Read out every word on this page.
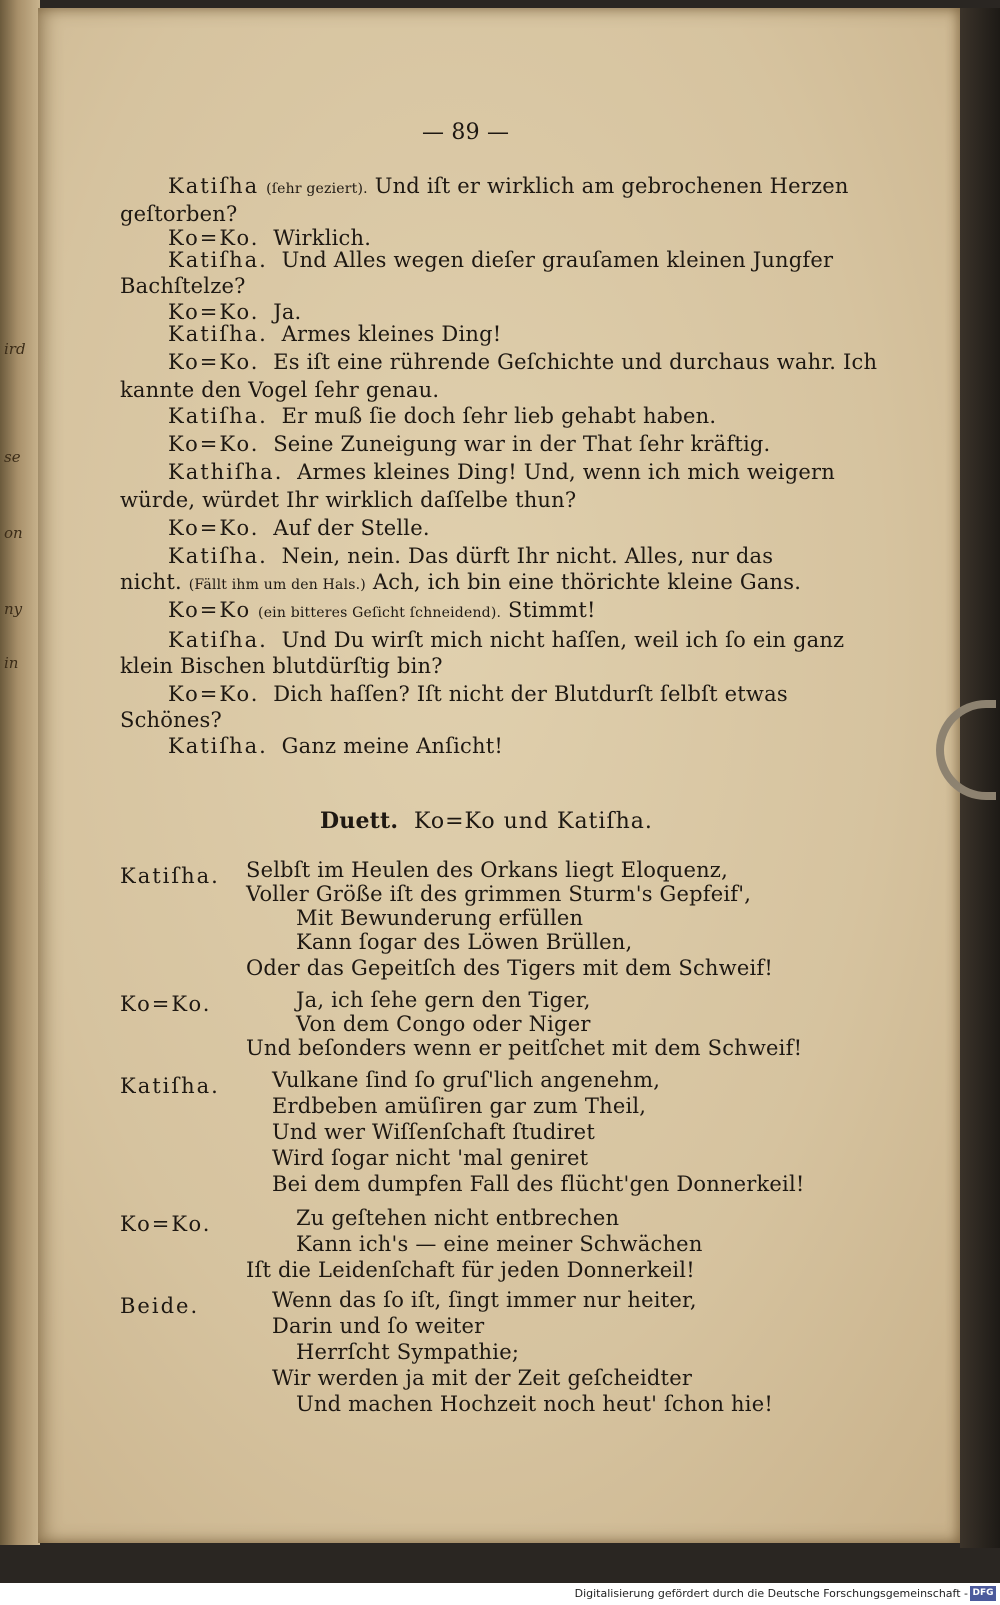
ird
se
on
ny
in
— 89 —
Katiſha (ſehr geziert). Und iſt er wirklich am gebrochenen Herzen
geſtorben?
Ko=Ko. Wirklich.
Katiſha. Und Alles wegen dieſer grauſamen kleinen Jungfer
Bachſtelze?
Ko=Ko. Ja.
Katiſha. Armes kleines Ding!
Ko=Ko. Es iſt eine rührende Geſchichte und durchaus wahr. Ich
kannte den Vogel ſehr genau.
Katiſha. Er muß ſie doch ſehr lieb gehabt haben.
Ko=Ko. Seine Zuneigung war in der That ſehr kräftig.
Kathiſha. Armes kleines Ding! Und, wenn ich mich weigern
würde, würdet Ihr wirklich daſſelbe thun?
Ko=Ko. Auf der Stelle.
Katiſha. Nein, nein. Das dürft Ihr nicht. Alles, nur das
nicht. (Fällt ihm um den Hals.) Ach, ich bin eine thörichte kleine Gans.
Ko=Ko (ein bitteres Geſicht ſchneidend). Stimmt!
Katiſha. Und Du wirſt mich nicht haſſen, weil ich ſo ein ganz
klein Bischen blutdürſtig bin?
Ko=Ko. Dich haſſen? Iſt nicht der Blutdurſt ſelbſt etwas
Schönes?
Katiſha. Ganz meine Anſicht!
Duett. Ko=Ko und Katiſha.
Katiſha. Selbſt im Heulen des Orkans liegt Eloquenz,
Voller Größe iſt des grimmen Sturm's Gepfeif',
Mit Bewunderung erfüllen
Kann ſogar des Löwen Brüllen,
Oder das Gepeitſch des Tigers mit dem Schweif!
Ko=Ko.	Ja, ich ſehe gern den Tiger,
Von dem Congo oder Niger
Und beſonders wenn er peitſchet mit dem Schweif!
Katiſha. Vulkane ſind ſo gruſ'lich angenehm,
Erdbeben amüſiren gar zum Theil,
Und wer Wiſſenſchaft ſtudiret
Wird ſogar nicht 'mal geniret
Bei dem dumpfen Fall des flücht'gen Donnerkeil!
Ko=Ko.	Zu geſtehen nicht entbrechen
Kann ich's — eine meiner Schwächen
Iſt die Leidenſchaft für jeden Donnerkeil!
Beide.	Wenn das ſo iſt, ſingt immer nur heiter,
Darin und ſo weiter
Herrſcht Sympathie;
Wir werden ja mit der Zeit geſcheidter
Und machen Hochzeit noch heut' ſchon hie!
Digitalisierung gefördert durch die Deutsche Forschungsgemeinschaft - DFG
